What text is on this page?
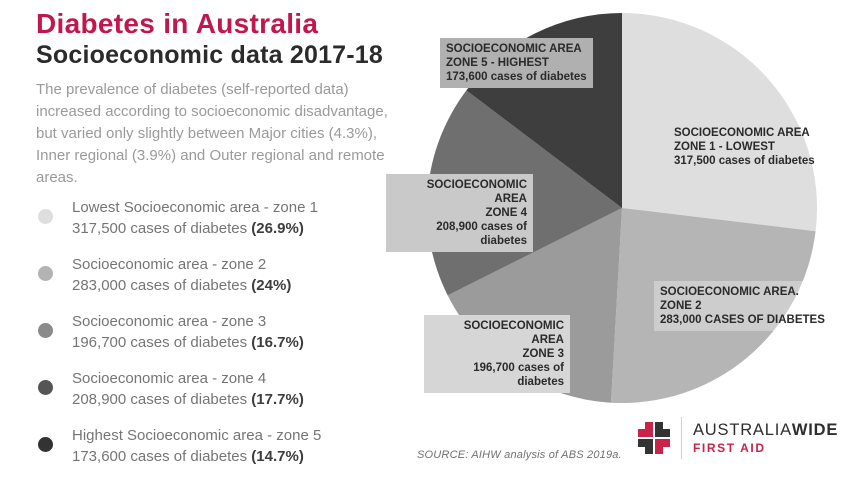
Diabetes in Australia
Socioeconomic data 2017-18

The prevalence of diabetes (self-reported data) increased according to socioeconomic disadvantage, but varied only slightly between Major cities (4.3%), Inner regional (3.9%) and Outer regional and remote areas.

Lowest Socioeconomic area - zone 1
317,500 cases of diabetes (26.9%)
Socioeconomic area - zone 2
283,000 cases of diabetes (24%)
Socioeconomic area - zone 3
196,700 cases of diabetes (16.7%)
Socioeconomic area - zone 4
208,900 cases of diabetes (17.7%)
Highest Socioeconomic area - zone 5
173,600 cases of diabetes (14.7%)
SOCIOECONOMIC AREA
ZONE 1 - LOWEST
317,500 cases of diabetes
SOCIOECONOMIC AREA.
ZONE 2
283,000 CASES OF DIABETES
SOCIOECONOMIC AREA
ZONE 3
196,700 cases of diabetes
SOCIOECONOMIC AREA
ZONE 4
208,900 cases of diabetes
SOCIOECONOMIC AREA
ZONE 5 - HIGHEST
173,600 cases of diabetes
SOURCE: AIHW analysis of ABS 2019a.
AUSTRALIAWIDE
FIRST AID
